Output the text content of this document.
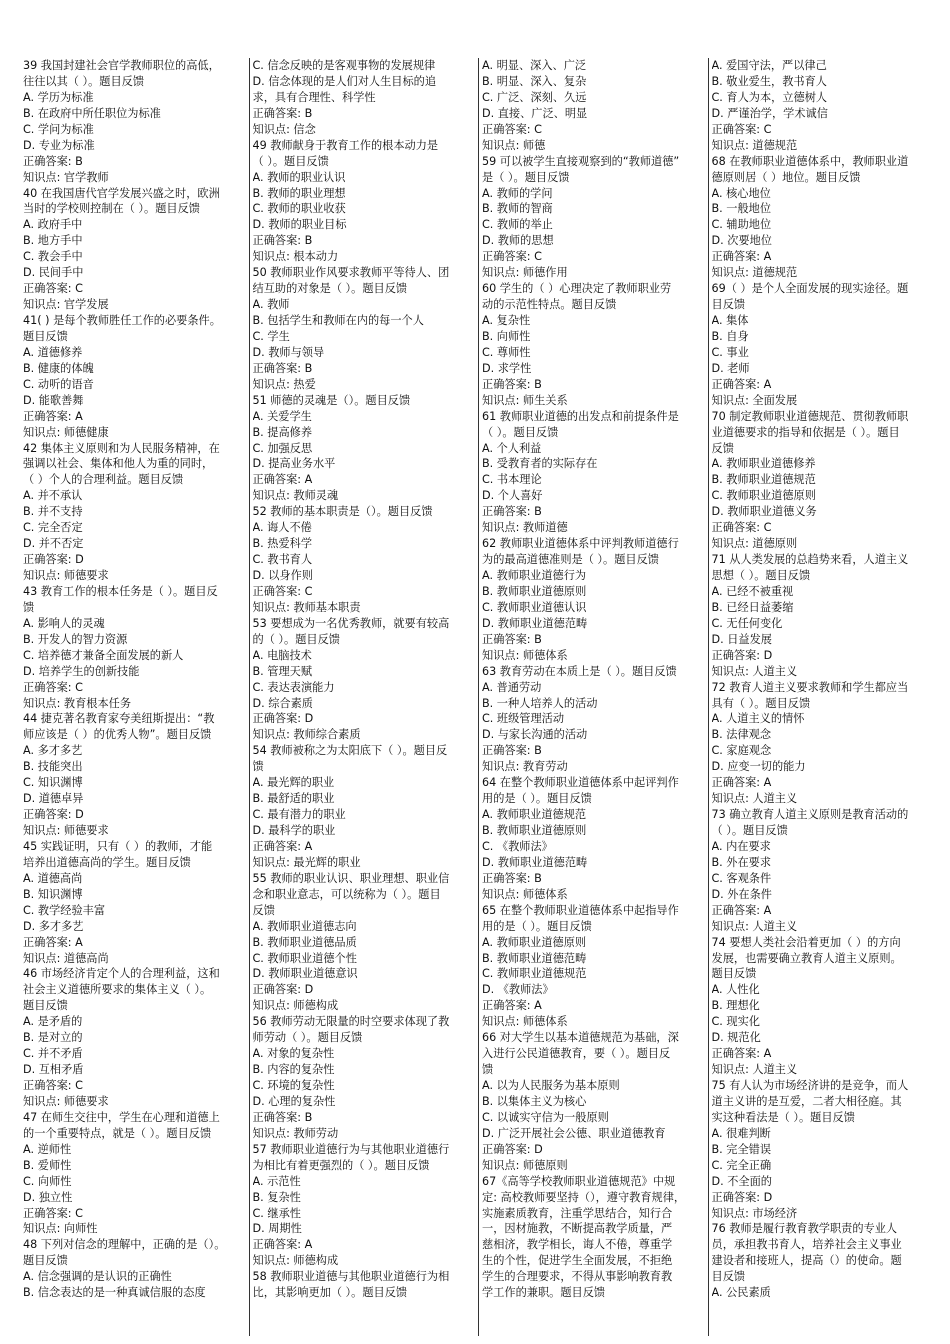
39 我国封建社会官学教师职位的高低，
往往以其（ ）。题目反馈
A. 学历为标准
B. 在政府中所任职位为标准
C. 学问为标准
D. 专业为标准
正确答案: B
知识点: 官学教师
40 在我国唐代官学发展兴盛之时，欧洲
当时的学校则控制在（ ）。题目反馈
A. 政府手中
B. 地方手中
C. 教会手中
D. 民间手中
正确答案: C
知识点: 官学发展
41( ) 是每个教师胜任工作的必要条件。
题目反馈
A. 道德修养
B. 健康的体魄
C. 动听的语音
D. 能歌善舞
正确答案: A
知识点: 师德健康
42 集体主义原则和为人民服务精神，在
强调以社会、集体和他人为重的同时，
（ ）个人的合理利益。题目反馈
A. 并不承认
B. 并不支持
C. 完全否定
D. 并不否定
正确答案: D
知识点: 师德要求
43 教育工作的根本任务是（ ）。题目反
馈
A. 影响人的灵魂
B. 开发人的智力资源
C. 培养德才兼备全面发展的新人
D. 培养学生的创新技能
正确答案: C
知识点: 教育根本任务
44 捷克著名教育家夸美纽斯提出：“教
师应该是（ ）的优秀人物”。题目反馈
A. 多才多艺
B. 技能突出
C. 知识渊博
D. 道德卓异
正确答案: D
知识点: 师德要求
45 实践证明，只有（ ）的教师，才能
培养出道德高尚的学生。题目反馈
A. 道德高尚
B. 知识渊博
C. 教学经验丰富
D. 多才多艺
正确答案: A
知识点: 道德高尚
46 市场经济肯定个人的合理利益，这和
社会主义道德所要求的集体主义（ ）。
题目反馈
A. 是矛盾的
B. 是对立的
C. 并不矛盾
D. 互相矛盾
正确答案: C
知识点: 师德要求
47 在师生交往中，学生在心理和道德上
的一个重要特点，就是（ ）。题目反馈
A. 逆师性
B. 爱师性
C. 向师性
D. 独立性
正确答案: C
知识点: 向师性
48 下列对信念的理解中，正确的是（）。
题目反馈
A. 信念强调的是认识的正确性
B. 信念表达的是一种真诚信服的态度
C. 信念反映的是客观事物的发展规律
D. 信念体现的是人们对人生目标的追
求，具有合理性、科学性
正确答案: B
知识点: 信念
49 教师献身于教育工作的根本动力是
（ ）。题目反馈
A. 教师的职业认识
B. 教师的职业理想
C. 教师的职业收获
D. 教师的职业目标
正确答案: B
知识点: 根本动力
50 教师职业作风要求教师平等待人、团
结互助的对象是（ ）。题目反馈
A. 教师
B. 包括学生和教师在内的每一个人
C. 学生
D. 教师与领导
正确答案: B
知识点: 热爱
51 师德的灵魂是（）。题目反馈
A. 关爱学生
B. 提高修养
C. 加强反思
D. 提高业务水平
正确答案: A
知识点: 教师灵魂
52 教师的基本职责是（）。题目反馈
A. 诲人不倦
B. 热爱科学
C. 教书育人
D. 以身作则
正确答案: C
知识点: 教师基本职责
53 要想成为一名优秀教师，就要有较高
的（ ）。题目反馈
A. 电脑技术
B. 管理天赋
C. 表达表演能力
D. 综合素质
正确答案: D
知识点: 教师综合素质
54 教师被称之为太阳底下（ ）。题目反
馈
A. 最光辉的职业
B. 最舒适的职业
C. 最有潜力的职业
D. 最科学的职业
正确答案: A
知识点: 最光辉的职业
55 教师的职业认识、职业理想、职业信
念和职业意志，可以统称为（ ）。题目
反馈
A. 教师职业道德志向
B. 教师职业道德品质
C. 教师职业道德个性
D. 教师职业道德意识
正确答案: D
知识点: 师德构成
56 教师劳动无限量的时空要求体现了教
师劳动（ ）。题目反馈
A. 对象的复杂性
B. 内容的复杂性
C. 环境的复杂性
D. 心理的复杂性
正确答案: B
知识点: 教师劳动
57 教师职业道德行为与其他职业道德行
为相比有着更强烈的（ ）。题目反馈
A. 示范性
B. 复杂性
C. 继承性
D. 周期性
正确答案: A
知识点: 师德构成
58 教师职业道德与其他职业道德行为相
比，其影响更加（ ）。题目反馈
A. 明显、深入、广泛
B. 明显、深入、复杂
C. 广泛、深刻、久远
D. 直接、广泛、明显
正确答案: C
知识点: 师德
59 可以被学生直接观察到的“教师道德”
是（ ）。题目反馈
A. 教师的学问
B. 教师的智商
C. 教师的举止
D. 教师的思想
正确答案: C
知识点: 师德作用
60 学生的（ ）心理决定了教师职业劳
动的示范性特点。题目反馈
A. 复杂性
B. 向师性
C. 尊师性
D. 求学性
正确答案: B
知识点: 师生关系
61 教师职业道德的出发点和前提条件是
（ ）。题目反馈
A. 个人利益
B. 受教育者的实际存在
C. 书本理论
D. 个人喜好
正确答案: B
知识点: 教师道德
62 教师职业道德体系中评判教师道德行
为的最高道德准则是（ ）。题目反馈
A. 教师职业道德行为
B. 教师职业道德原则
C. 教师职业道德认识
D. 教师职业道德范畴
正确答案: B
知识点: 师德体系
63 教育劳动在本质上是（ ）。题目反馈
A. 普通劳动
B. 一种人培养人的活动
C. 班级管理活动
D. 与家长沟通的活动
正确答案: B
知识点: 教育劳动
64 在整个教师职业道德体系中起评判作
用的是（ ）。题目反馈
A. 教师职业道德规范
B. 教师职业道德原则
C. 《教师法》
D. 教师职业道德范畴
正确答案: B
知识点: 师德体系
65 在整个教师职业道德体系中起指导作
用的是（ ）。题目反馈
A. 教师职业道德原则
B. 教师职业道德范畴
C. 教师职业道德规范
D. 《教师法》
正确答案: A
知识点: 师德体系
66 对大学生以基本道德规范为基础，深
入进行公民道德教育，要（ ）。题目反
馈
A. 以为人民服务为基本原则
B. 以集体主义为核心
C. 以诚实守信为一般原则
D. 广泛开展社会公德、职业道德教育
正确答案: D
知识点: 师德原则
67《高等学校教师职业道德规范》中规
定: 高校教师要坚持（），遵守教育规律，
实施素质教育，注重学思结合，知行合
一，因材施教，不断提高教学质量，严
慈相济，教学相长，诲人不倦，尊重学
生的个性，促进学生全面发展，不拒绝
学生的合理要求，不得从事影响教育教
学工作的兼职。题目反馈
A. 爱国守法，严以律己
B. 敬业爱生，教书育人
C. 育人为本，立德树人
D. 严谨治学，学术诚信
正确答案: C
知识点: 道德规范
68 在教师职业道德体系中，教师职业道
德原则居（ ）地位。题目反馈
A. 核心地位
B. 一般地位
C. 辅助地位
D. 次要地位
正确答案: A
知识点: 道德规范
69（ ）是个人全面发展的现实途径。题
目反馈
A. 集体
B. 自身
C. 事业
D. 老师
正确答案: A
知识点: 全面发展
70 制定教师职业道德规范、贯彻教师职
业道德要求的指导和依据是（ ）。题目
反馈
A. 教师职业道德修养
B. 教师职业道德规范
C. 教师职业道德原则
D. 教师职业道德义务
正确答案: C
知识点: 道德原则
71 从人类发展的总趋势来看，人道主义
思想（ ）。题目反馈
A. 已经不被重视
B. 已经日益萎缩
C. 无任何变化
D. 日益发展
正确答案: D
知识点: 人道主义
72 教育人道主义要求教师和学生都应当
具有（ ）。题目反馈
A. 人道主义的情怀
B. 法律观念
C. 家庭观念
D. 应变一切的能力
正确答案: A
知识点: 人道主义
73 确立教育人道主义原则是教育活动的
（ ）。题目反馈
A. 内在要求
B. 外在要求
C. 客观条件
D. 外在条件
正确答案: A
知识点: 人道主义
74 要想人类社会沿着更加（ ）的方向
发展，也需要确立教育人道主义原则。
题目反馈
A. 人性化
B. 理想化
C. 现实化
D. 规范化
正确答案: A
知识点: 人道主义
75 有人认为市场经济讲的是竞争，而人
道主义讲的是互爱，二者大相径庭。其
实这种看法是（ ）。题目反馈
A. 很难判断
B. 完全错误
C. 完全正确
D. 不全面的
正确答案: D
知识点: 市场经济
76 教师是履行教育教学职责的专业人
员，承担教书育人，培养社会主义事业
建设者和接班人，提高（）的使命。题
目反馈
A. 公民素质
